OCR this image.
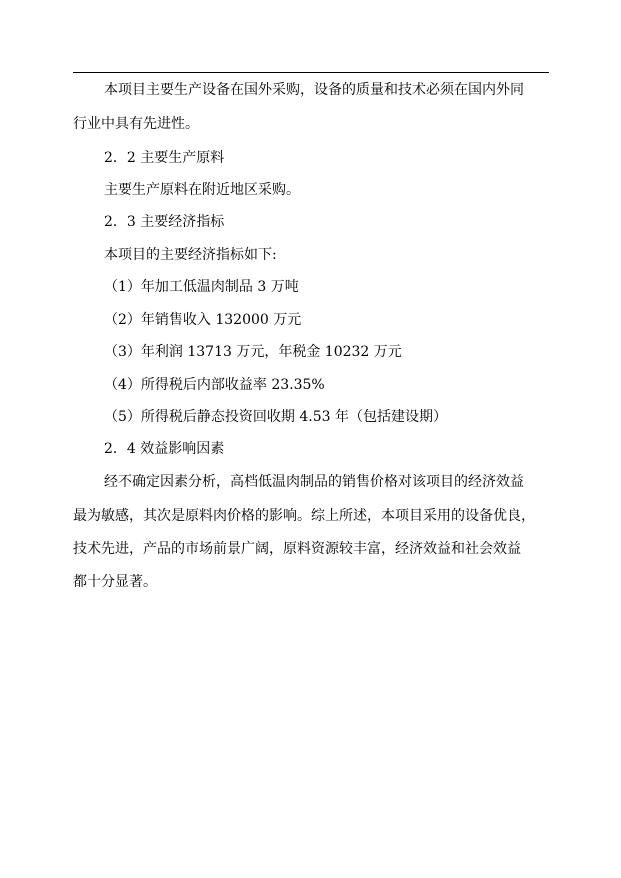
本项目主要生产设备在国外采购，设备的质量和技术必须在国内外同
行业中具有先进性。
2．2 主要生产原料
主要生产原料在附近地区采购。
2．3 主要经济指标
本项目的主要经济指标如下:
（1）年加工低温肉制品 3 万吨
（2）年销售收入 132000 万元
（3）年利润 13713 万元，年税金 10232 万元
（4）所得税后内部收益率 23.35%
（5）所得税后静态投资回收期 4.53 年（包括建设期）
2．4 效益影响因素
经不确定因素分析，高档低温肉制品的销售价格对该项目的经济效益
最为敏感，其次是原料肉价格的影响。综上所述，本项目采用的设备优良，
技术先进，产品的市场前景广阔，原料资源较丰富，经济效益和社会效益
都十分显著。
